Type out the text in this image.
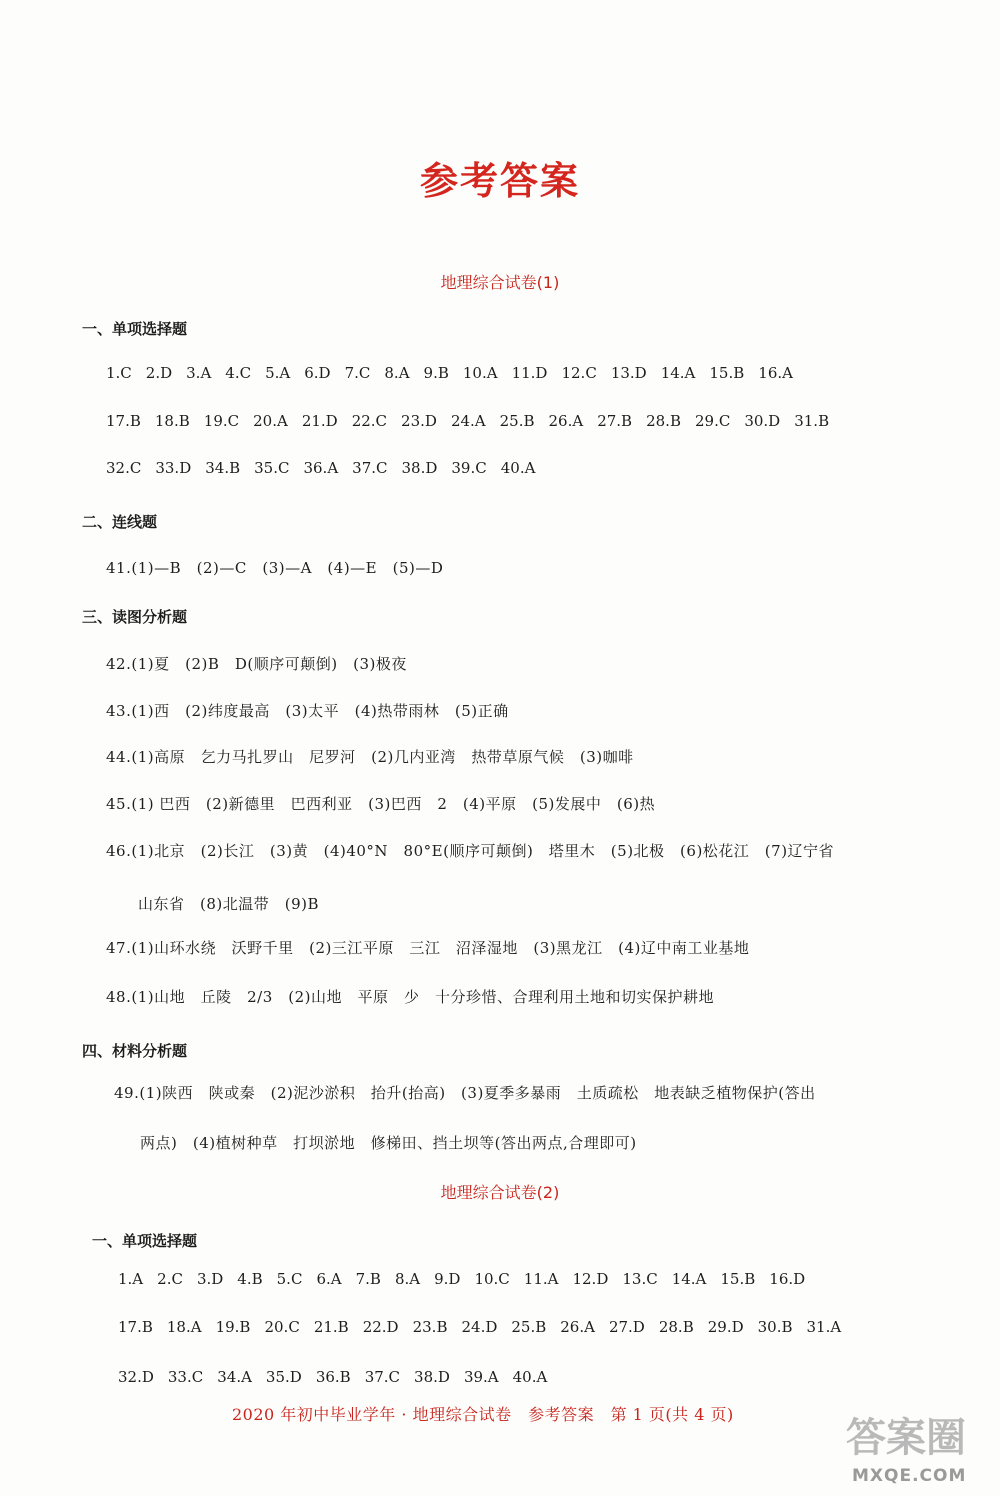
参考答案
地理综合试卷(1)
一、单项选择题
1.C 2.D 3.A 4.C 5.A 6.D 7.C 8.A 9.B 10.A 11.D 12.C 13.D 14.A 15.B 16.A
17.B 18.B 19.C 20.A 21.D 22.C 23.D 24.A 25.B 26.A 27.B 28.B 29.C 30.D 31.B
32.C 33.D 34.B 35.C 36.A 37.C 38.D 39.C 40.A
二、连线题
41.(1)—B　(2)—C　(3)—A　(4)—E　(5)—D
三、读图分析题
42.(1)夏　(2)B　D(顺序可颠倒)　(3)极夜
43.(1)西　(2)纬度最高　(3)太平　(4)热带雨林　(5)正确
44.(1)高原　乞力马扎罗山　尼罗河　(2)几内亚湾　热带草原气候　(3)咖啡
45.(1) 巴西　(2)新德里　巴西利亚　(3)巴西　2　(4)平原　(5)发展中　(6)热
46.(1)北京　(2)长江　(3)黄　(4)40°N　80°E(顺序可颠倒)　塔里木　(5)北极　(6)松花江　(7)辽宁省
山东省　(8)北温带　(9)B
47.(1)山环水绕　沃野千里　(2)三江平原　三江　沼泽湿地　(3)黑龙江　(4)辽中南工业基地
48.(1)山地　丘陵　2/3　(2)山地　平原　少　十分珍惜、合理利用土地和切实保护耕地
四、材料分析题
49.(1)陕西　陕或秦　(2)泥沙淤积　抬升(抬高)　(3)夏季多暴雨　土质疏松　地表缺乏植物保护(答出
两点)　(4)植树种草　打坝淤地　修梯田、挡土坝等(答出两点,合理即可)
地理综合试卷(2)
一、单项选择题
1.A 2.C 3.D 4.B 5.C 6.A 7.B 8.A 9.D 10.C 11.A 12.D 13.C 14.A 15.B 16.D
17.B 18.A 19.B 20.C 21.B 22.D 23.B 24.D 25.B 26.A 27.D 28.B 29.D 30.B 31.A
32.D 33.C 34.A 35.D 36.B 37.C 38.D 39.A 40.A
2020 年初中毕业学年 · 地理综合试卷　参考答案　第 1 页(共 4 页)
答案圈
MXQE.COM
